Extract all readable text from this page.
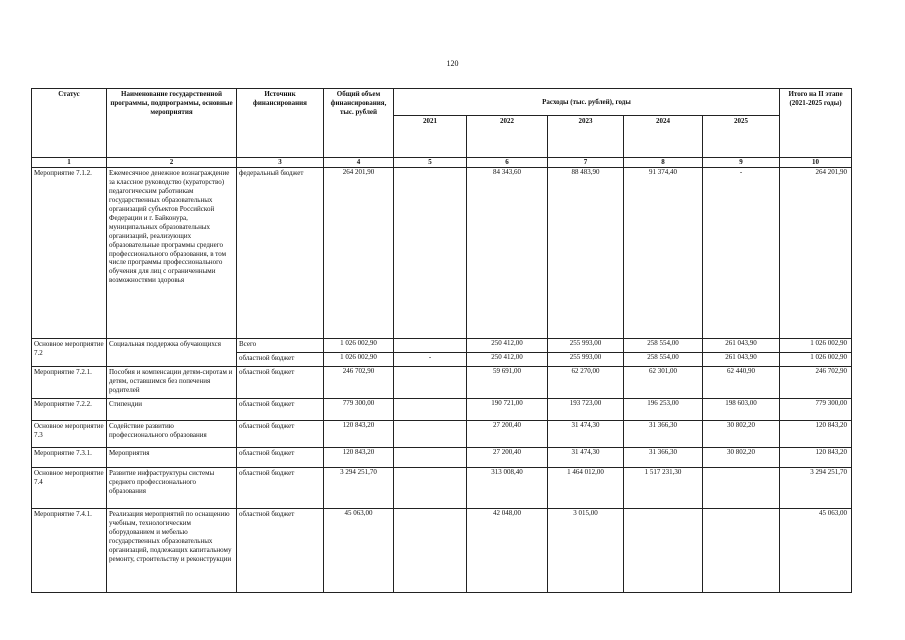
120
Статус	Наименование государственной программы, подпрограммы, основные мероприятия	Источник финансирования	Общий объем финансирования, тыс. рублей	Расходы (тыс. рублей), годы					Итого на II этапе (2021-2025 годы)
				2021	2022	2023	2024	2025	
1	2	3	4	5	6	7	8	9	10
Мероприятие 7.1.2.	Ежемесячное денежное вознаграждение за классное руководство (кураторство) педагогическим работникам государственных образовательных организаций субъектов Российской Федерации и г. Байконура, муниципальных образовательных организаций, реализующих образовательные программы среднего профессионального образования, в том числе программы профессионального обучения для лиц с ограниченными возможностями здоровья	федеральный бюджет	264 201,90		84 343,60	88 483,90	91 374,40	-	264 201,90
Основное мероприятие 7.2	Социальная поддержка обучающихся	Всего	1 026 002,90		250 412,00	255 993,00	258 554,00	261 043,90	1 026 002,90
		областной бюджет	1 026 002,90	-	250 412,00	255 993,00	258 554,00	261 043,90	1 026 002,90
Мероприятие 7.2.1.	Пособия и компенсации детям-сиротам и детям, оставшимся без попечения родителей	областной бюджет	246 702,90		59 691,00	62 270,00	62 301,00	62 440,90	246 702,90
Мероприятие 7.2.2.	Стипендии	областной бюджет	779 300,00		190 721,00	193 723,00	196 253,00	198 603,00	779 300,00
Основное мероприятие 7.3	Содействие развитию профессионального образования	областной бюджет	120 843,20		27 200,40	31 474,30	31 366,30	30 802,20	120 843,20
Мероприятие 7.3.1.	Мероприятия	областной бюджет	120 843,20		27 200,40	31 474,30	31 366,30	30 802,20	120 843,20
Основное мероприятие 7.4	Развитие инфраструктуры системы среднего профессионального образования	областной бюджет	3 294 251,70		313 008,40	1 464 012,00	1 517 231,30		3 294 251,70
Мероприятие 7.4.1.	Реализация мероприятий по оснащению учебным, технологическим оборудованием и мебелью государственных образовательных организаций, подлежащих капитальному ремонту, строительству и реконструкции	областной бюджет	45 063,00		42 048,00	3 015,00			45 063,00
